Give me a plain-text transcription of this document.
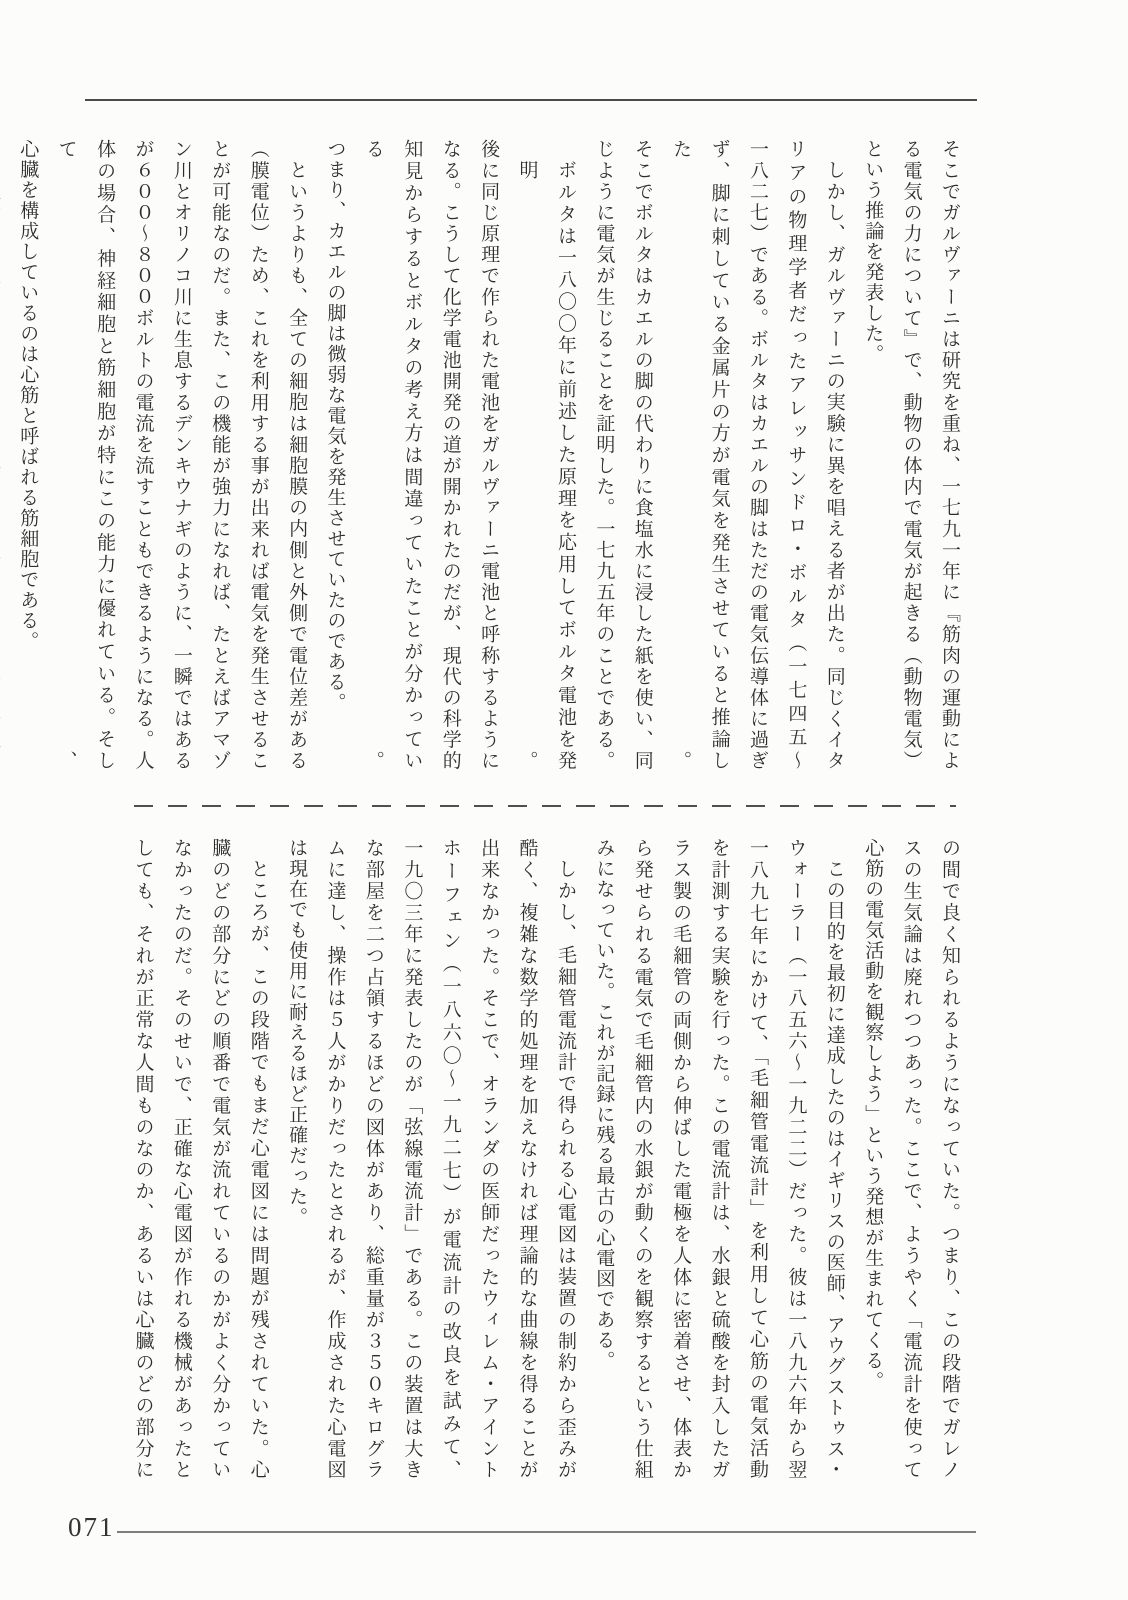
そこでガルヴァーニは研究を重ね、一七九一年に『筋肉の運動によ
る電気の力について』で、動物の体内で電気が起きる（動物電気）
という推論を発表した。
しかし、ガルヴァーニの実験に異を唱える者が出た。同じくイタ
リアの物理学者だったアレッサンドロ・ボルタ（一七四五～
一八二七）である。ボルタはカエルの脚はただの電気伝導体に過ぎ
ず、脚に刺している金属片の方が電気を発生させていると推論した。
そこでボルタはカエルの脚の代わりに食塩水に浸した紙を使い、同
じように電気が生じることを証明した。一七九五年のことである。
ボルタは一八〇〇年に前述した原理を応用してボルタ電池を発明。
後に同じ原理で作られた電池をガルヴァーニ電池と呼称するように
なる。こうして化学電池開発の道が開かれたのだが、現代の科学的
知見からするとボルタの考え方は間違っていたことが分かっている。
つまり、カエルの脚は微弱な電気を発生させていたのである。
というよりも、全ての細胞は細胞膜の内側と外側で電位差がある
（膜電位）ため、これを利用する事が出来れば電気を発生させるこ
とが可能なのだ。また、この機能が強力になれば、たとえばアマゾ
ン川とオリノコ川に生息するデンキウナギのように、一瞬ではある
が６００～８００ボルトの電流を流すこともできるようになる。人
体の場合、神経細胞と筋細胞が特にこの能力に優れている。そして、
心臓を構成しているのは心筋と呼ばれる筋細胞である。
の間で良く知られるようになっていた。つまり、この段階でガレノ
スの生気論は廃れつつあった。ここで、ようやく「電流計を使って
心筋の電気活動を観察しよう」という発想が生まれてくる。
この目的を最初に達成したのはイギリスの医師、アウグストゥス・
ウォーラー（一八五六～一九二二）だった。彼は一八九六年から翌
一八九七年にかけて、「毛細管電流計」を利用して心筋の電気活動
を計測する実験を行った。この電流計は、水銀と硫酸を封入したガ
ラス製の毛細管の両側から伸ばした電極を人体に密着させ、体表か
ら発せられる電気で毛細管内の水銀が動くのを観察するという仕組
みになっていた。これが記録に残る最古の心電図である。
しかし、毛細管電流計で得られる心電図は装置の制約から歪みが
酷く、複雑な数学的処理を加えなければ理論的な曲線を得ることが
出来なかった。そこで、オランダの医師だったウィレム・アイント
ホーフェン（一八六〇～一九二七）が電流計の改良を試みて、
一九〇三年に発表したのが「弦線電流計」である。この装置は大き
な部屋を二つ占領するほどの図体があり、総重量が３５０キログラ
ムに達し、操作は５人がかりだったとされるが、作成された心電図
は現在でも使用に耐えるほど正確だった。
ところが、この段階でもまだ心電図には問題が残されていた。心
臓のどの部分にどの順番で電気が流れているのかがよく分かってい
なかったのだ。そのせいで、正確な心電図が作れる機械があったと
しても、それが正常な人間ものなのか、あるいは心臓のどの部分に
071
